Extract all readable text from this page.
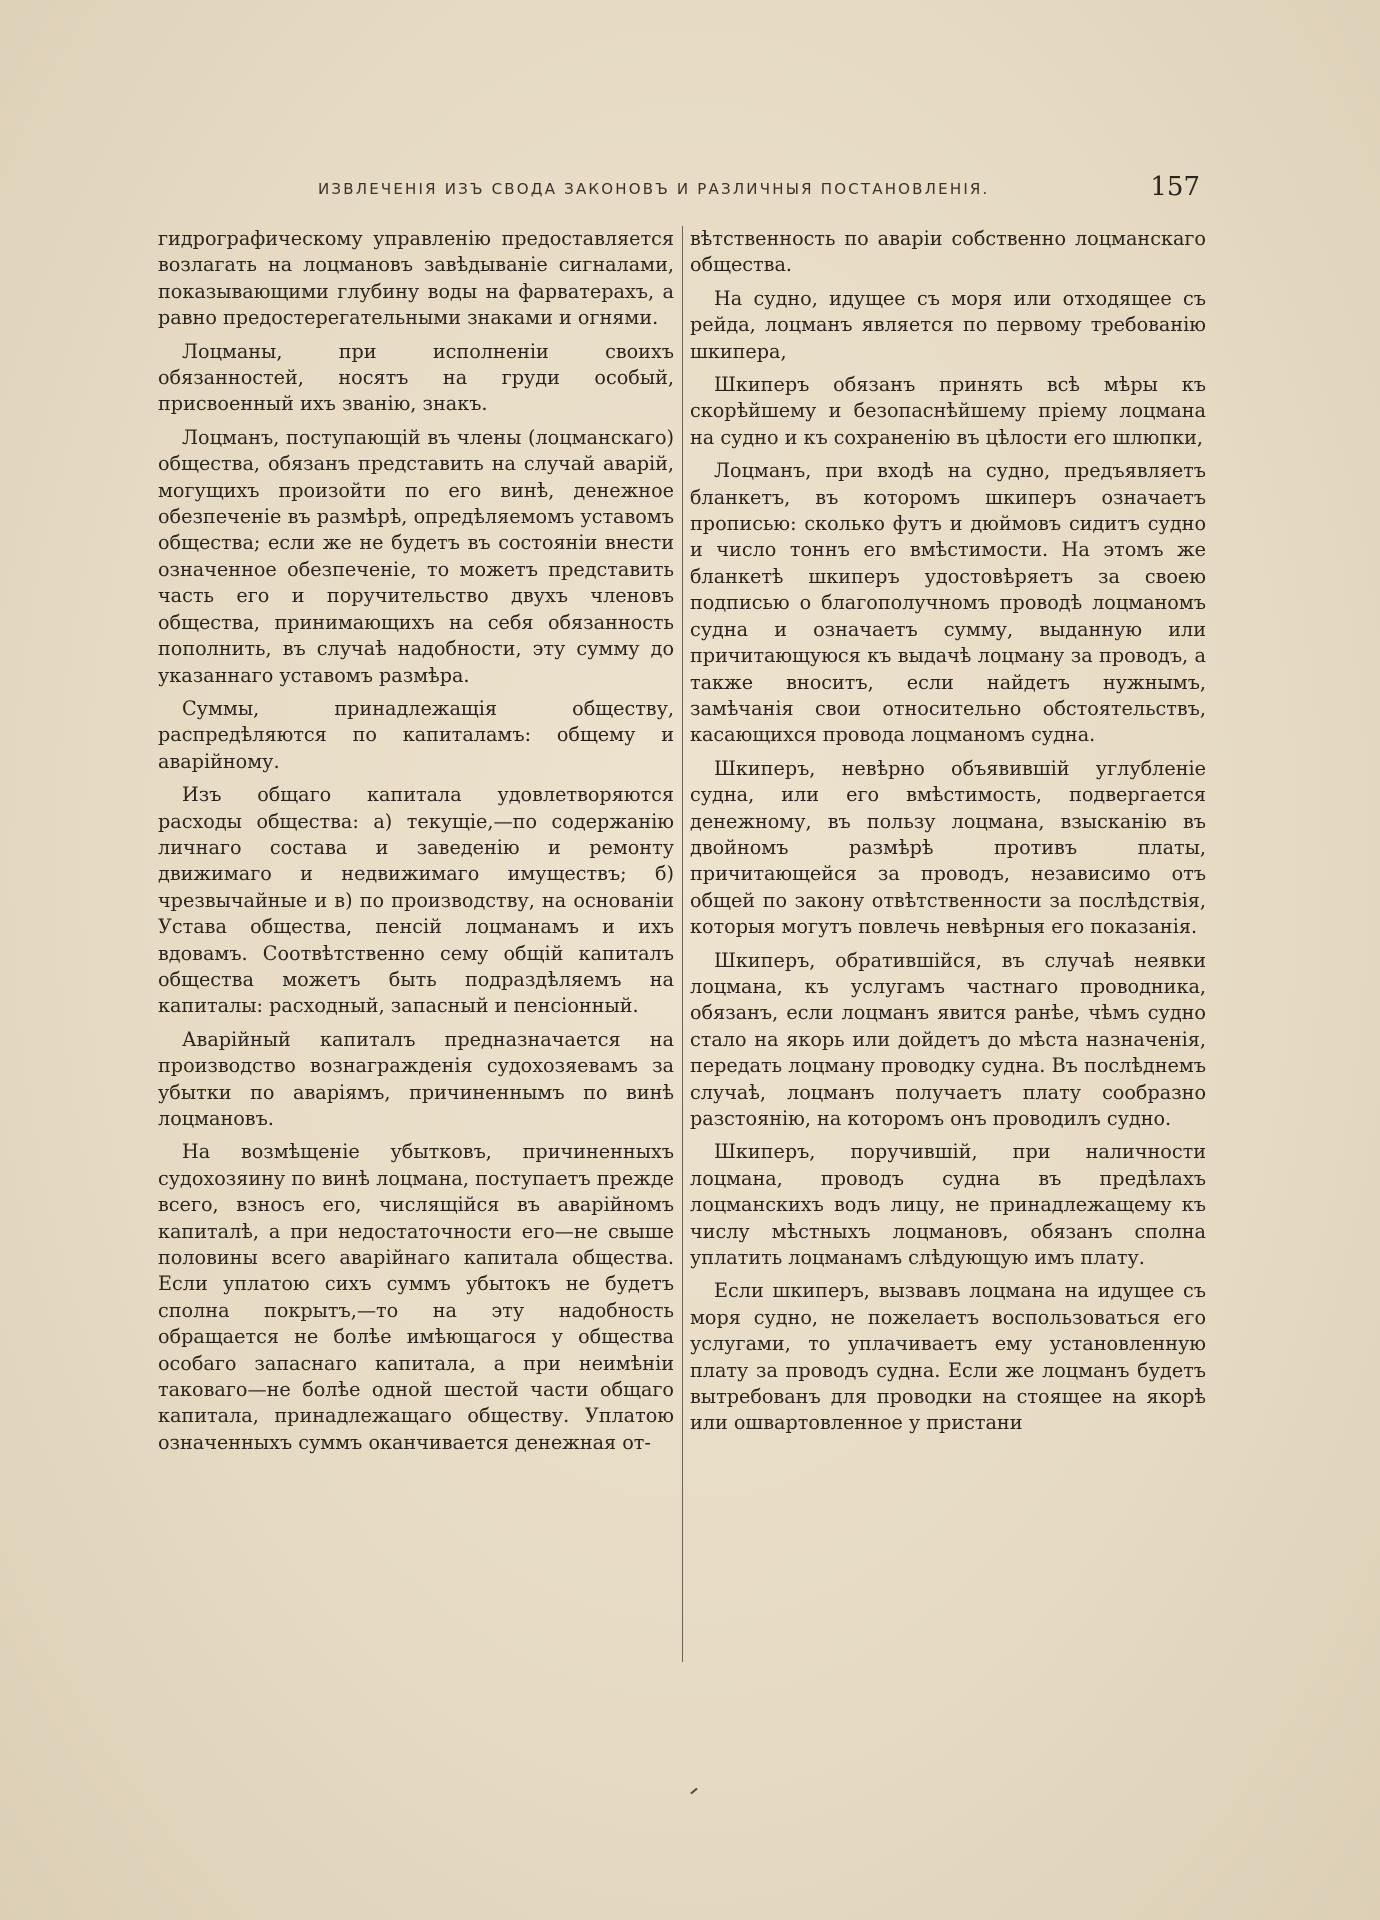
ИЗВЛЕЧЕНІЯ ИЗЪ СВОДА ЗАКОНОВЪ И РАЗЛИЧНЫЯ ПОСТАНОВЛЕНІЯ.	157

гидрографическому управленію предоставляется возлагать на лоцмановъ завѣдываніе сигналами, показывающими глубину воды на фарватерахъ, а равно предостерегательными знаками и огнями.

Лоцманы, при исполненіи своихъ обязанностей, носятъ на груди особый, присвоенный ихъ званію, знакъ.

Лоцманъ, поступающій въ члены (лоцманскаго) общества, обязанъ представить на случай аварій, могущихъ произойти по его винѣ, денежное обезпеченіе въ размѣрѣ, опредѣляемомъ уставомъ общества; если же не будетъ въ состояніи внести означенное обезпеченіе, то можетъ представить часть его и поручительство двухъ членовъ общества, принимающихъ на себя обязанность пополнить, въ случаѣ надобности, эту сумму до указаннаго уставомъ размѣра.

Суммы, принадлежащія обществу, распредѣляются по капиталамъ: общему и аварійному.

Изъ общаго капитала удовлетворяются расходы общества: а) текущіе,—по содержанію личнаго состава и заведенію и ремонту движимаго и недвижимаго имуществъ; б) чрезвычайные и в) по производству, на основаніи Устава общества, пенсій лоцманамъ и ихъ вдовамъ. Соотвѣтственно сему общій капиталъ общества можетъ быть подраздѣляемъ на капиталы: расходный, запасный и пенсіонный.

Аварійный капиталъ предназначается на производство вознагражденія судохозяевамъ за убытки по аваріямъ, причиненнымъ по винѣ лоцмановъ.

На возмѣщеніе убытковъ, причиненныхъ судохозяину по винѣ лоцмана, поступаетъ прежде всего, взносъ его, числящійся въ аварійномъ капиталѣ, а при недостаточности его—не свыше половины всего аварійнаго капитала общества. Если уплатою сихъ суммъ убытокъ не будетъ сполна покрытъ,—то на эту надобность обращается не болѣе имѣющагося у общества особаго запаснаго капитала, а при неимѣніи таковаго—не болѣе одной шестой части общаго капитала, принадлежащаго обществу. Уплатою означенныхъ суммъ оканчивается денежная от-

вѣтственность по аваріи собственно лоцманскаго общества.

На судно, идущее съ моря или отходящее съ рейда, лоцманъ является по первому требованію шкипера,

Шкиперъ обязанъ принять всѣ мѣры къ скорѣйшему и безопаснѣйшему пріему лоцмана на судно и къ сохраненію въ цѣлости его шлюпки,

Лоцманъ, при входѣ на судно, предъявляетъ бланкетъ, въ которомъ шкиперъ означаетъ прописью: сколько футъ и дюймовъ сидитъ судно и число тоннъ его вмѣстимости. На этомъ же бланкетѣ шкиперъ удостовѣряетъ за своею подписью о благополучномъ проводѣ лоцманомъ судна и означаетъ сумму, выданную или причитающуюся къ выдачѣ лоцману за проводъ, а также вноситъ, если найдетъ нужнымъ, замѣчанія свои относительно обстоятельствъ, касающихся провода лоцманомъ судна.

Шкиперъ, невѣрно объявившій углубленіе судна, или его вмѣстимость, подвергается денежному, въ пользу лоцмана, взысканію въ двойномъ размѣрѣ противъ платы, причитающейся за проводъ, независимо отъ общей по закону отвѣтственности за послѣдствія, которыя могутъ повлечь невѣрныя его показанія.

Шкиперъ, обратившійся, въ случаѣ неявки лоцмана, къ услугамъ частнаго проводника, обязанъ, если лоцманъ явится ранѣе, чѣмъ судно стало на якорь или дойдетъ до мѣста назначенія, передать лоцману проводку судна. Въ послѣднемъ случаѣ, лоцманъ получаетъ плату сообразно разстоянію, на которомъ онъ проводилъ судно.

Шкиперъ, поручившій, при наличности лоцмана, проводъ судна въ предѣлахъ лоцманскихъ водъ лицу, не принадлежащему къ числу мѣстныхъ лоцмановъ, обязанъ сполна уплатить лоцманамъ слѣдующую имъ плату.

Если шкиперъ, вызвавъ лоцмана на идущее съ моря судно, не пожелаетъ воспользоваться его услугами, то уплачиваетъ ему установленную плату за проводъ судна. Если же лоцманъ будетъ вытребованъ для проводки на стоящее на якорѣ или ошвартовленное у пристани
